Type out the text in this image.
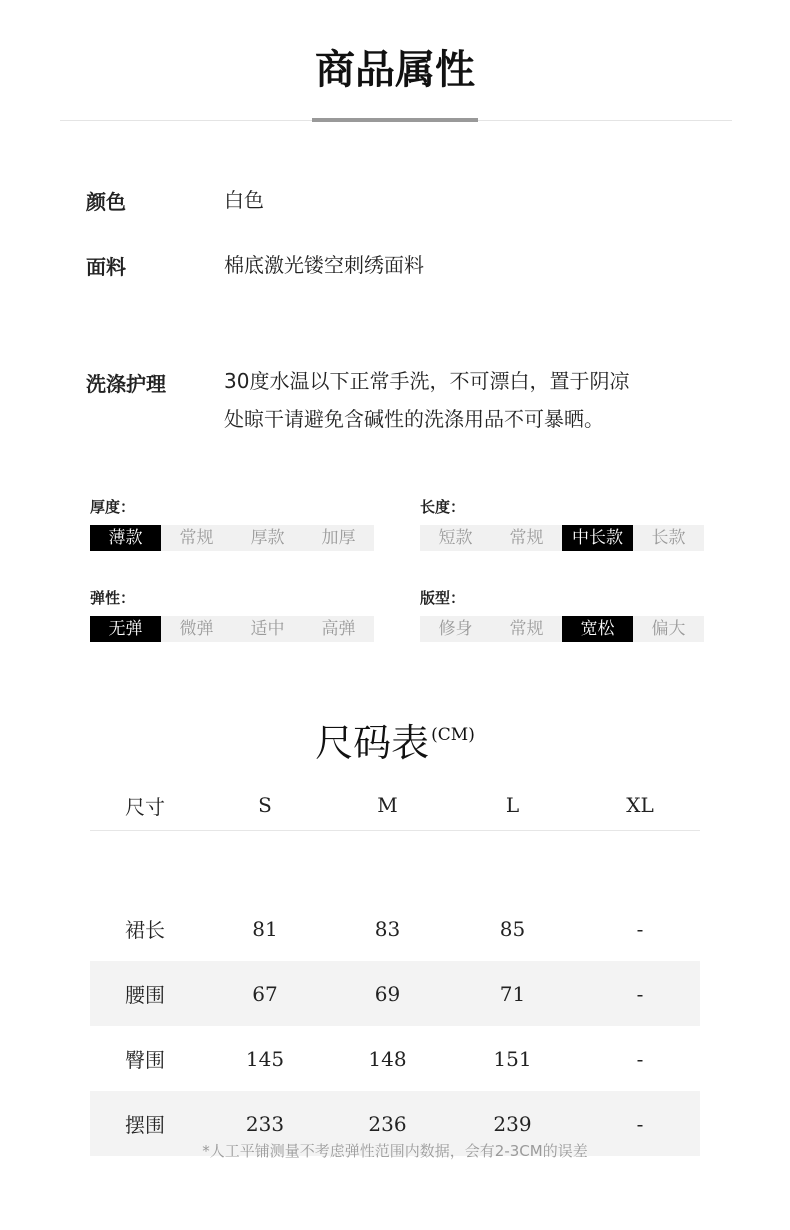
商品属性
颜色	白色
面料	棉底激光镂空刺绣面料
洗涤护理	30度水温以下正常手洗，不可漂白，置于阴凉
处晾干请避免含碱性的洗涤用品不可暴晒。
厚度：
薄款	常规	厚款	加厚
长度：
短款	常规	中长款	长款
弹性：
无弹	微弹	适中	高弹
版型：
修身	常规	宽松	偏大
尺码表 $^{(CM)}$
尺寸	S	M	L	XL

裙长	81	83	85	-
腰围	67	69	71	-
臀围	145	148	151	-
摆围	233	236	239	-
*人工平铺测量不考虑弹性范围内数据，会有2-3CM的误差
